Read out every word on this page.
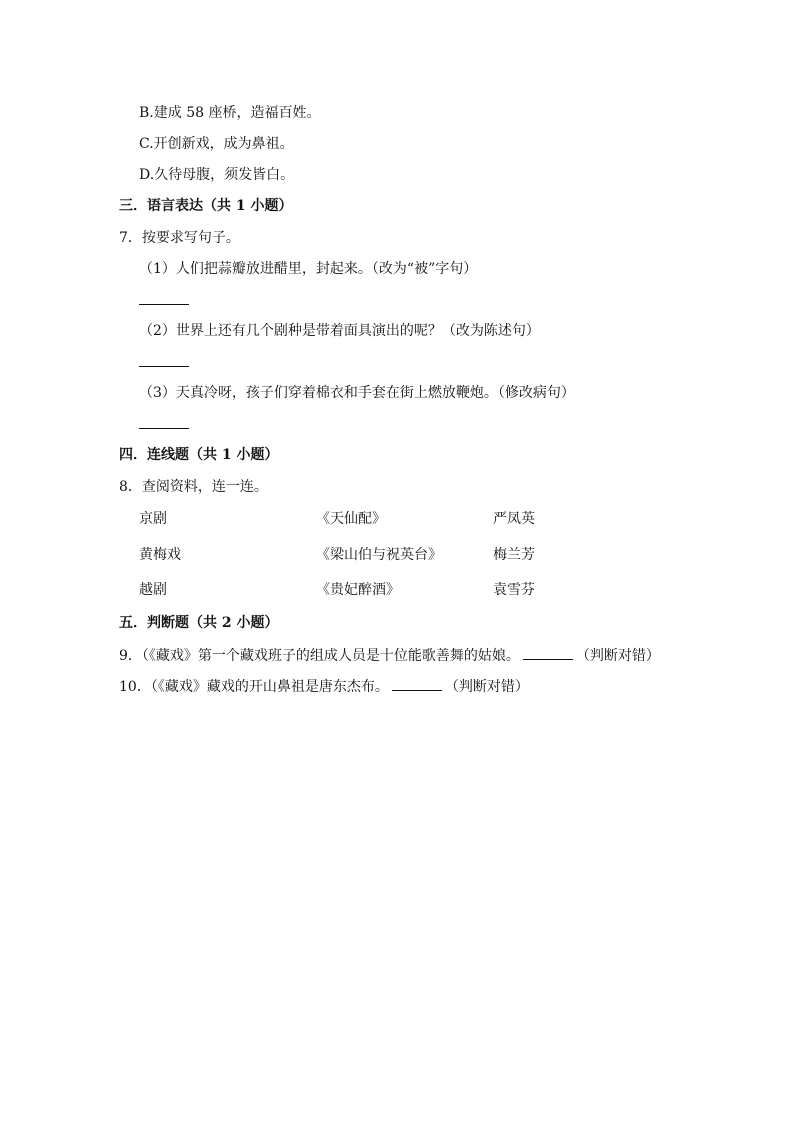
B.建成 58 座桥，造福百姓。
C.开创新戏，成为鼻祖。
D.久待母腹，须发皆白。
三．语言表达（共 1 小题）
7．按要求写句子。
（1）人们把蒜瓣放进醋里，封起来。（改为“被”字句）
（2）世界上还有几个剧种是带着面具演出的呢？（改为陈述句）
（3）天真冷呀，孩子们穿着棉衣和手套在街上燃放鞭炮。（修改病句）
四．连线题（共 1 小题）
8．查阅资料，连一连。
京剧	《天仙配》	严凤英
黄梅戏	《梁山伯与祝英台》	梅兰芳
越剧	《贵妃醉酒》	袁雪芬
五．判断题（共 2 小题）
9．（《藏戏》第一个藏戏班子的组成人员是十位能歌善舞的姑娘。	（判断对错）
10．（《藏戏》藏戏的开山鼻祖是唐东杰布。	（判断对错）
